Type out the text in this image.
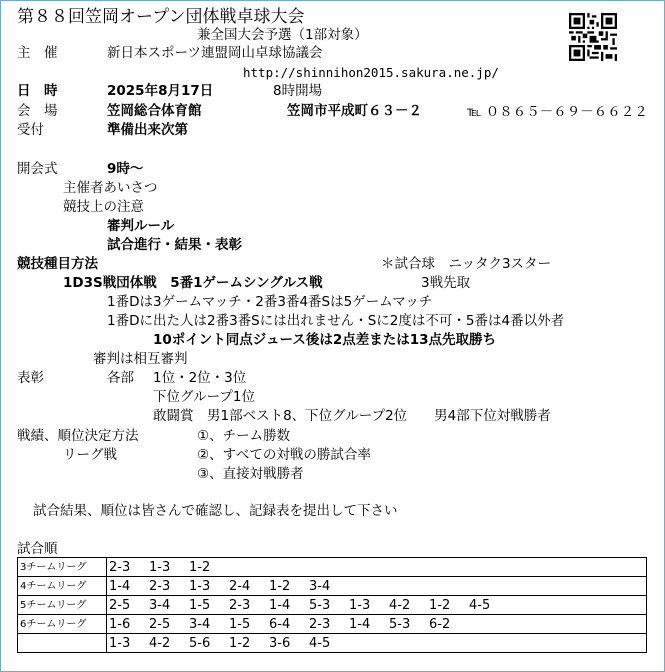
第８８回笠岡オープン団体戦卓球大会
兼全国大会予選（1部対象）
主　催	新日本スポーツ連盟岡山卓球協議会
http://shinnihon2015.sakura.ne.jp/
日　時	2025年8月17日	8時開場
会　場	笠岡総合体育館	笠岡市平成町６３－２	℡ ０８６５－６９－６６２２
受付	準備出来次第
開会式	9時～
主催者あいさつ
競技上の注意
審判ルール
試合進行・結果・表彰
競技種目方法	＊試合球　ニッタク3スター
1D3S戦団体戦　5番1ゲームシングルス戦	3戦先取
1番Dは3ゲームマッチ・2番3番4番Sは5ゲームマッチ
1番Dに出た人は2番3番Sには出れません・Sに2度は不可・5番は4番以外者
10ポイント同点ジュース後は2点差または13点先取勝ち
審判は相互審判
表彰	各部 1位・2位・3位
下位グループ1位
敢闘賞　男1部ベスト8、下位グループ2位　　男4部下位対戦勝者
戦績、順位決定方法	①、チーム勝数
リーグ戦	②、すべての対戦の勝試合率
③、直接対戦勝者
試合結果、順位は皆さんで確認し、記録表を提出して下さい
試合順
3チームリーグ	2-3 1-3 1-2
4チームリーグ	1-4 2-3 1-3 2-4 1-2 3-4
5チームリーグ	2-5 3-4 1-5 2-3 1-4 5-3 1-3 4-2 1-2 4-5
6チームリーグ	1-6 2-5 3-4 1-5 6-4 2-3 1-4 5-3 6-2
	1-3 4-2 5-6 1-2 3-6 4-5
